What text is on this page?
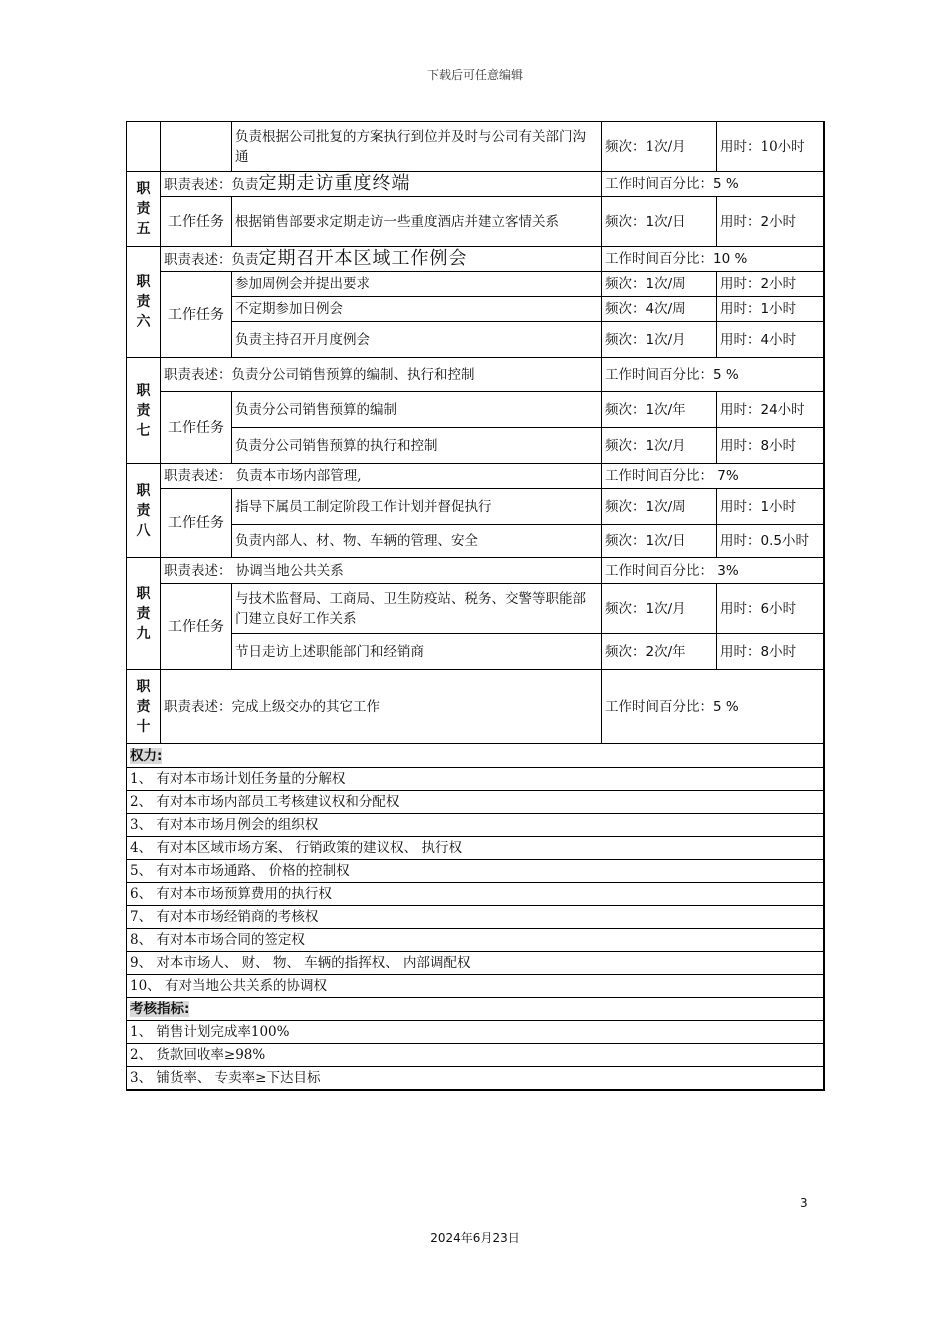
下载后可任意编辑
		负责根据公司批复的方案执行到位并及时与公司有关部门沟通	频次：1次/月	用时：10小时
职责五	职责表述：负责定期走访重度终端		工作时间百分比：5 %	
	工作任务	根据销售部要求定期走访一些重度酒店并建立客情关系	频次：1次/日	用时：2小时
职责六	职责表述：负责定期召开本区域工作例会		工作时间百分比：10 %	
	工作任务	参加周例会并提出要求	频次：1次/周	用时：2小时
		不定期参加日例会	频次：4次/周	用时：1小时
		负责主持召开月度例会	频次：1次/月	用时：4小时
职责七	职责表述：负责分公司销售预算的编制、执行和控制		工作时间百分比：5 %	
	工作任务	负责分公司销售预算的编制	频次：1次/年	用时：24小时
		负责分公司销售预算的执行和控制	频次：1次/月	用时：8小时
职责八	职责表述： 负责本市场内部管理,		工作时间百分比： 7%	
	工作任务	指导下属员工制定阶段工作计划并督促执行	频次：1次/周	用时：1小时
		负责内部人、材、物、车辆的管理、安全	频次：1次/日	用时：0.5小时
职责九	职责表述： 协调当地公共关系		工作时间百分比： 3%	
	工作任务	与技术监督局、工商局、卫生防疫站、税务、交警等职能部门建立良好工作关系	频次：1次/月	用时：6小时
		节日走访上述职能部门和经销商	频次：2次/年	用时：8小时
职责十	职责表述：完成上级交办的其它工作		工作时间百分比：5 %	
权力:				
1、 有对本市场计划任务量的分解权				
2、 有对本市场内部员工考核建议权和分配权				
3、 有对本市场月例会的组织权				
4、 有对本区域市场方案、 行销政策的建议权、 执行权				
5、 有对本市场通路、 价格的控制权				
6、 有对本市场预算费用的执行权				
7、 有对本市场经销商的考核权				
8、 有对本市场合同的签定权				
9、 对本市场人、 财、 物、 车辆的指挥权、 内部调配权				
10、 有对当地公共关系的协调权				
考核指标:				
1、 销售计划完成率100%				
2、 货款回收率≥98%				
3、 铺货率、 专卖率≥下达目标				
3
2024年6月23日
